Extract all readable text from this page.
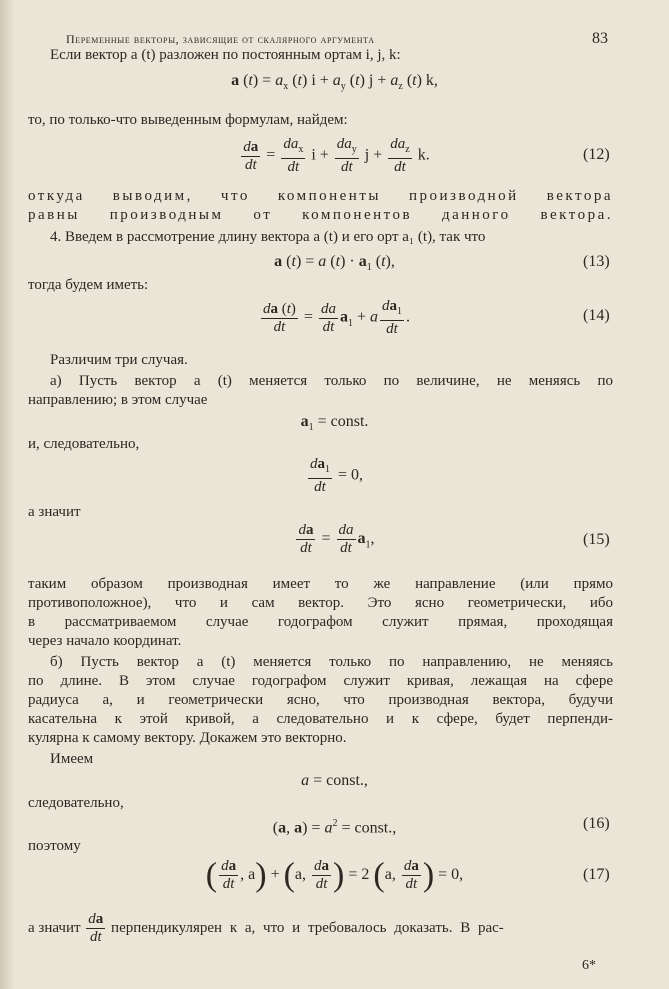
Переменные векторы, зависящие от скалярного аргумента	83
Если вектор a (t) разложен по постоянным ортам i, j, k:
a $(t) = a_x$ (t) $i + a_y$ (t) $j + a_z$ (t) k,
то, по только-что выведенным формулам, найдем:
$\frac{da}{dt} = \frac{da_x}{dt}$ $i + \frac{da_y}{dt}$ $j + \frac{da_z}{dt} k$.	(12)
откуда выводим, что компоненты производной вектора
равны производным от компонентов данного вектора.
4. Введем в рассмотрение длину вектора a (t) и его орт a₁ (t), так что
a (t) = a $(t) \cdot a_1$ (t),	(13)
тогда будем иметь:
$\frac{da (t)}{dt} = \frac{da}{dt} a_1 + a \frac{da_1}{dt}$ .	(14)
Различим три случая.
а) Пусть вектор a (t) меняется только по величине, не меняясь по
направлению; в этом случае
$a_1$ = const.
и, следовательно,
$\frac{da_1}{dt} = 0$,
а значит
$\frac{da}{dt} = \frac{da}{dt} a_1$,	(15)
таким образом производная имеет то же направление (или прямо
противоположное), что и сам вектор. Это ясно геометрически, ибо
в рассматриваемом случае годографом служит прямая, проходящая
через начало координат.
б) Пусть вектор a (t) меняется только по направлению, не меняясь
по длине. В этом случае годографом служит кривая, лежащая на сфере
радиуса a, и геометрически ясно, что производная вектора, будучи
касательна к этой кривой, а следовательно и к сфере, будет перпенди-
кулярна к самому вектору. Докажем это векторно.
Имеем
a = const.,
следовательно,
(a, $a) = a^2$ = const.,	(16)
поэтому
( $\frac{da}{dt}$ , a) + (a, $\frac{da}{dt}$ ) = 2 (a, $\frac{da}{dt}$ ) = 0,	(17)
а значит $\frac{da}{dt}$ перпендикулярен к a, что и требовалось доказать. В рас-
6*
